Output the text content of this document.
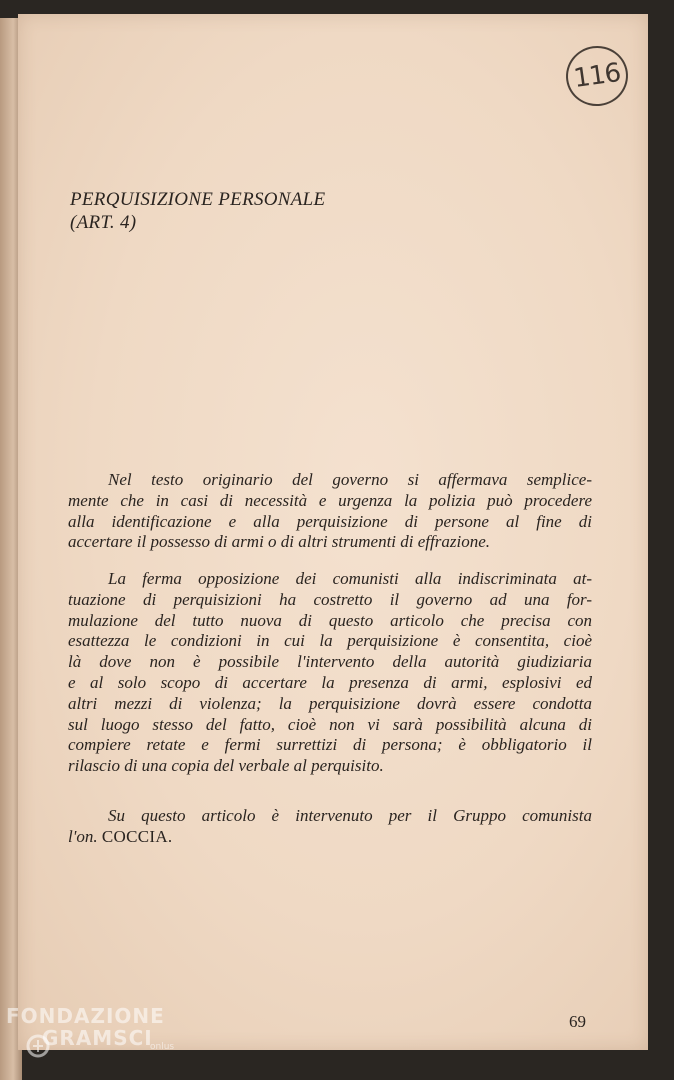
116
PERQUISIZIONE PERSONALE
(ART. 4)
Nel testo originario del governo si affermava semplice-
mente che in casi di necessità e urgenza la polizia può procedere
alla identificazione e alla perquisizione di persone al fine di
accertare il possesso di armi o di altri strumenti di effrazione.
La ferma opposizione dei comunisti alla indiscriminata at-
tuazione di perquisizioni ha costretto il governo ad una for-
mulazione del tutto nuova di questo articolo che precisa con
esattezza le condizioni in cui la perquisizione è consentita, cioè
là dove non è possibile l'intervento della autorità giudiziaria
e al solo scopo di accertare la presenza di armi, esplosivi ed
altri mezzi di violenza; la perquisizione dovrà essere condotta
sul luogo stesso del fatto, cioè non vi sarà possibilità alcuna di
compiere retate e fermi surrettizi di persona; è obbligatorio il
rilascio di una copia del verbale al perquisito.
Su questo articolo è intervenuto per il Gruppo comunista
l'on. COCCIA.
69
FONDAZIONE
GRAMSCI
onlus
